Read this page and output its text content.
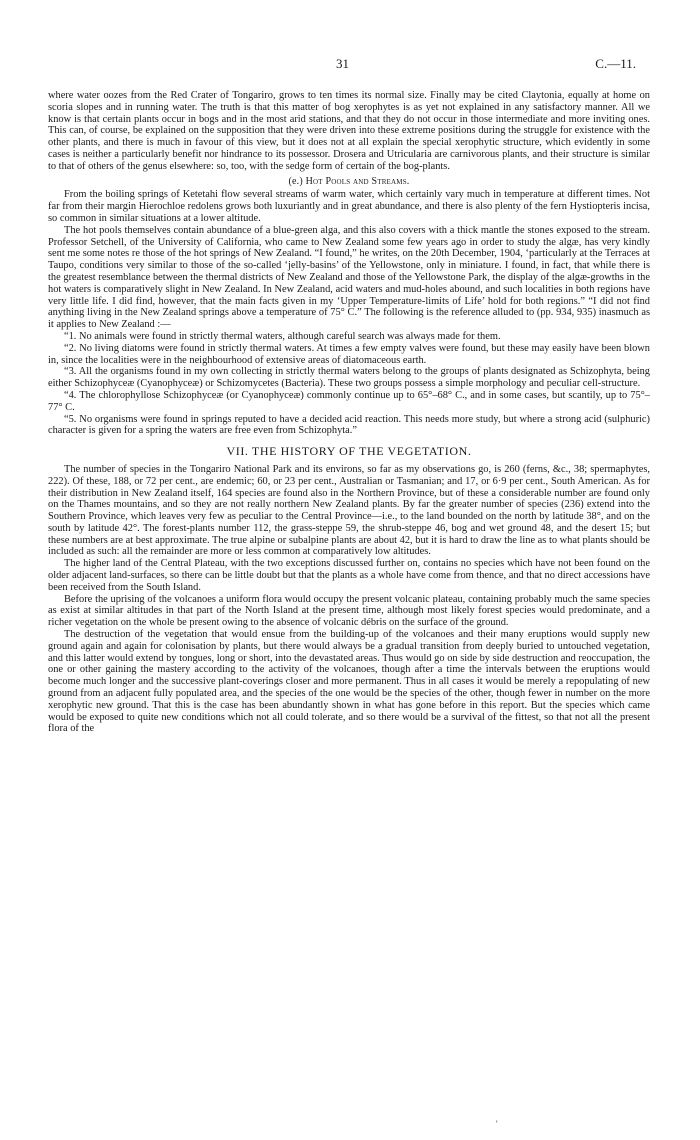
31	C.—11.

where water oozes from the Red Crater of Tongariro, grows to ten times its normal size. Finally may be cited Claytonia, equally at home on scoria slopes and in running water. The truth is that this matter of bog xerophytes is as yet not explained in any satisfactory manner. All we know is that certain plants occur in bogs and in the most arid stations, and that they do not occur in those intermediate and more inviting ones. This can, of course, be explained on the supposition that they were driven into these extreme positions during the struggle for existence with the other plants, and there is much in favour of this view, but it does not at all explain the special xerophytic structure, which evidently in some cases is neither a particularly benefit nor hindrance to its possessor. Drosera and Utricularia are carnivorous plants, and their structure is similar to that of others of the genus elsewhere: so, too, with the sedge form of certain of the bog-plants.

(e.) Hot Pools and Streams.

From the boiling springs of Ketetahi flow several streams of warm water, which certainly vary much in temperature at different times. Not far from their margin Hierochloe redolens grows both luxuriantly and in great abundance, and there is also plenty of the fern Hystiopteris incisa, so common in similar situations at a lower altitude.

The hot pools themselves contain abundance of a blue-green alga, and this also covers with a thick mantle the stones exposed to the stream. Professor Setchell, of the University of California, who came to New Zealand some few years ago in order to study the algæ, has very kindly sent me some notes re those of the hot springs of New Zealand. “I found,” he writes, on the 20th December, 1904, ‘particularly at the Terraces at Taupo, conditions very similar to those of the so-called ‘jelly-basins’ of the Yellowstone, only in miniature. I found, in fact, that while there is the greatest resemblance between the thermal districts of New Zealand and those of the Yellowstone Park, the display of the algæ-growths in the hot waters is comparatively slight in New Zealand. In New Zealand, acid waters and mud-holes abound, and such localities in both regions have very little life. I did find, however, that the main facts given in my ‘Upper Temperature-limits of Life’ hold for both regions.” “I did not find anything living in the New Zealand springs above a temperature of 75° C.” The following is the reference alluded to (pp. 934, 935) inasmuch as it applies to New Zealand :—

“1. No animals were found in strictly thermal waters, although careful search was always made for them.

“2. No living diatoms were found in strictly thermal waters. At times a few empty valves were found, but these may easily have been blown in, since the localities were in the neighbourhood of extensive areas of diatomaceous earth.

“3. All the organisms found in my own collecting in strictly thermal waters belong to the groups of plants designated as Schizophyta, being either Schizophyceæ (Cyanophyceæ) or Schizomycetes (Bacteria). These two groups possess a simple morphology and peculiar cell-structure.

“4. The chlorophyllose Schizophyceæ (or Cyanophyceæ) commonly continue up to 65°–68° C., and in some cases, but scantily, up to 75°–77° C.

“5. No organisms were found in springs reputed to have a decided acid reaction. This needs more study, but where a strong acid (sulphuric) character is given for a spring the waters are free even from Schizophyta.”

VII. THE HISTORY OF THE VEGETATION.

The number of species in the Tongariro National Park and its environs, so far as my observations go, is 260 (ferns, &c., 38; spermaphytes, 222). Of these, 188, or 72 per cent., are endemic; 60, or 23 per cent., Australian or Tasmanian; and 17, or 6·9 per cent., South American. As for their distribution in New Zealand itself, 164 species are found also in the Northern Province, but of these a considerable number are found only on the Thames mountains, and so they are not really northern New Zealand plants. By far the greater number of species (236) extend into the Southern Province, which leaves very few as peculiar to the Central Province—i.e., to the land bounded on the north by latitude 38°, and on the south by latitude 42°. The forest-plants number 112, the grass-steppe 59, the shrub-steppe 46, bog and wet ground 48, and the desert 15; but these numbers are at best approximate. The true alpine or subalpine plants are about 42, but it is hard to draw the line as to what plants should be included as such: all the remainder are more or less common at comparatively low altitudes.

The higher land of the Central Plateau, with the two exceptions discussed further on, contains no species which have not been found on the older adjacent land-surfaces, so there can be little doubt but that the plants as a whole have come from thence, and that no direct accessions have been received from the South Island.

Before the uprising of the volcanoes a uniform flora would occupy the present volcanic plateau, containing probably much the same species as exist at similar altitudes in that part of the North Island at the present time, although most likely forest species would predominate, and a richer vegetation on the whole be present owing to the absence of volcanic débris on the surface of the ground.

The destruction of the vegetation that would ensue from the building-up of the volcanoes and their many eruptions would supply new ground again and again for colonisation by plants, but there would always be a gradual transition from deeply buried to untouched vegetation, and this latter would extend by tongues, long or short, into the devastated areas. Thus would go on side by side destruction and reoccupation, the one or other gaining the mastery according to the activity of the volcanoes, though after a time the intervals between the eruptions would become much longer and the successive plant-coverings closer and more permanent. Thus in all cases it would be merely a repopulating of new ground from an adjacent fully populated area, and the species of the one would be the species of the other, though fewer in number on the more xerophytic new ground. That this is the case has been abundantly shown in what has gone before in this report. But the species which came would be exposed to quite new conditions which not all could tolerate, and so there would be a survival of the fittest, so that not all the present flora of the

'
